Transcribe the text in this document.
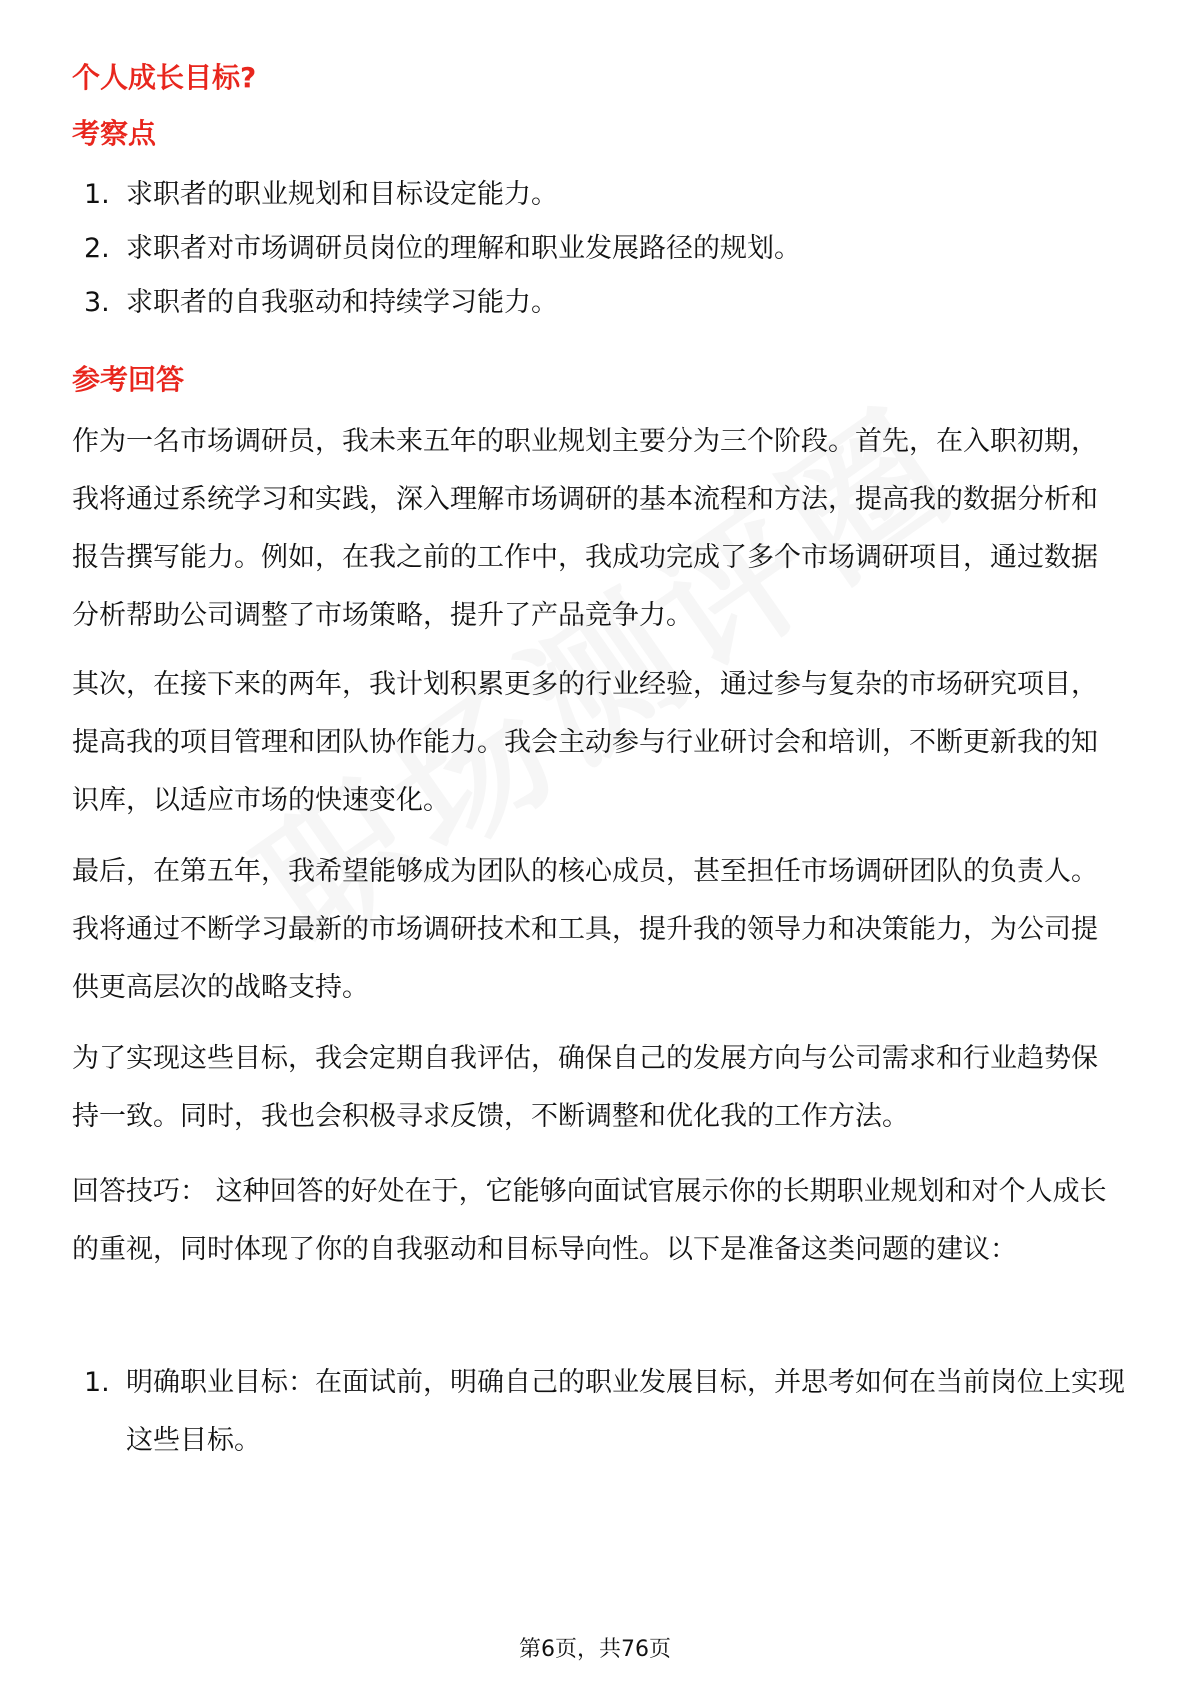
个人成长目标?
考察点
1. 求职者的职业规划和目标设定能力。
2. 求职者对市场调研员岗位的理解和职业发展路径的规划。
3. 求职者的自我驱动和持续学习能力。
参考回答
作为一名市场调研员，我未来五年的职业规划主要分为三个阶段。首先，在入职初期，我将通过系统学习和实践，深入理解市场调研的基本流程和方法，提高我的数据分析和报告撰写能力。例如，在我之前的工作中，我成功完成了多个市场调研项目，通过数据分析帮助公司调整了市场策略，提升了产品竞争力。
其次，在接下来的两年，我计划积累更多的行业经验，通过参与复杂的市场研究项目，提高我的项目管理和团队协作能力。我会主动参与行业研讨会和培训，不断更新我的知识库，以适应市场的快速变化。
最后，在第五年，我希望能够成为团队的核心成员，甚至担任市场调研团队的负责人。我将通过不断学习最新的市场调研技术和工具，提升我的领导力和决策能力，为公司提供更高层次的战略支持。
为了实现这些目标，我会定期自我评估，确保自己的发展方向与公司需求和行业趋势保持一致。同时，我也会积极寻求反馈，不断调整和优化我的工作方法。
回答技巧： 这种回答的好处在于，它能够向面试官展示你的长期职业规划和对个人成长的重视，同时体现了你的自我驱动和目标导向性。以下是准备这类问题的建议：
1. 明确职业目标：在面试前，明确自己的职业发展目标，并思考如何在当前岗位上实现这些目标。
第6页，共76页
